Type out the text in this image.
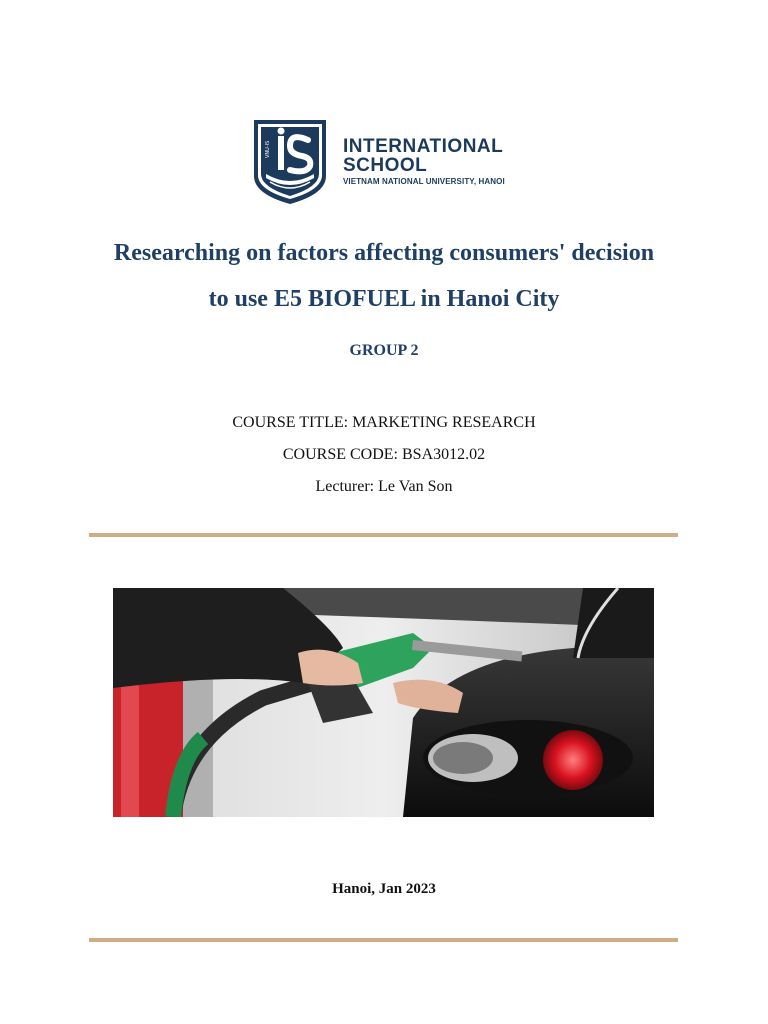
VNU-IS	INTERNATIONAL
SCHOOL
VIETNAM NATIONAL UNIVERSITY, HANOI
Researching on factors affecting consumers' decision
to use E5 BIOFUEL in Hanoi City
GROUP 2
COURSE TITLE: MARKETING RESEARCH
COURSE CODE: BSA3012.02
Lecturer: Le Van Son
Hanoi, Jan 2023
